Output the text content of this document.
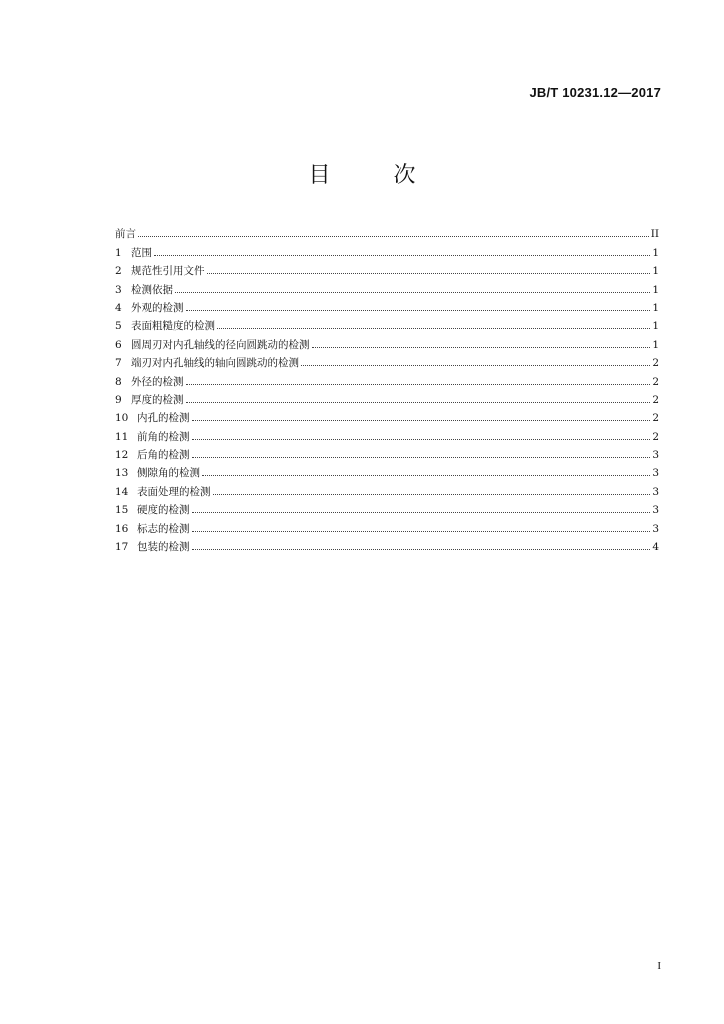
JB/T 10231.12—2017
目 次
前言	II
1 范围	1
2 规范性引用文件	1
3 检测依据	1
4 外观的检测	1
5 表面粗糙度的检测	1
6 圆周刃对内孔轴线的径向圆跳动的检测	1
7 端刃对内孔轴线的轴向圆跳动的检测	2
8 外径的检测	2
9 厚度的检测	2
10 内孔的检测	2
11 前角的检测	2
12 后角的检测	3
13 侧隙角的检测	3
14 表面处理的检测	3
15 硬度的检测	3
16 标志的检测	3
17 包装的检测	4
I
